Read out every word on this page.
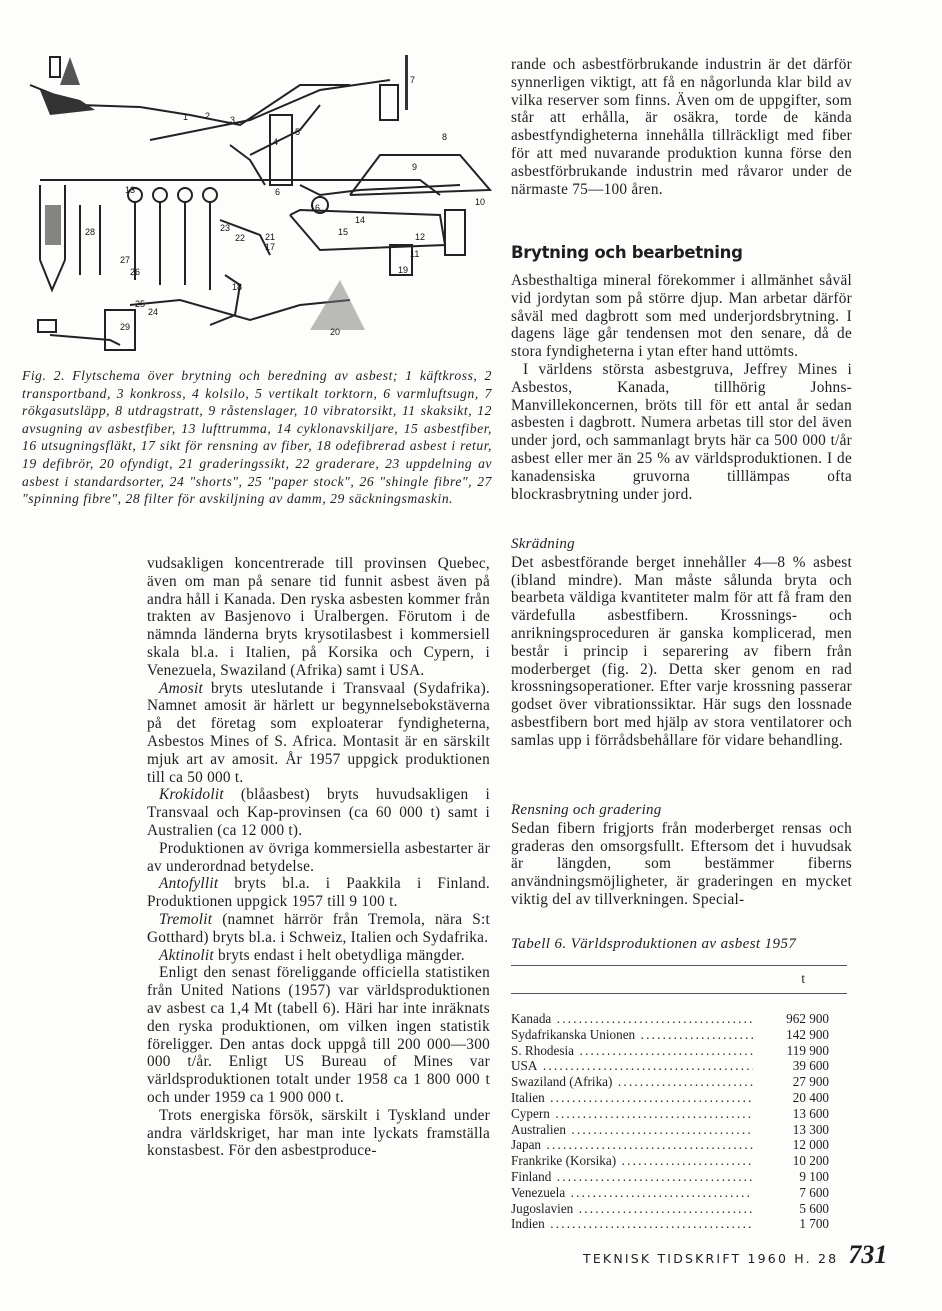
1 2 3
4
5
6
7
8
9
10
11
12
13
14
15
16
17
18
19
20
21
22
23
24
25
26
27
28
29
Fig. 2. Flytschema över brytning och beredning av asbest; 1 käftkross, 2 transportband, 3 konkross, 4 kolsilo, 5 vertikalt torktorn, 6 varmluftsugn, 7 rökgasutsläpp, 8 utdragstratt, 9 råstenslager, 10 vibratorsikt, 11 skaksikt, 12 avsugning av asbestfiber, 13 lufttrumma, 14 cyklonavskiljare, 15 asbestfiber, 16 utsugningsfläkt, 17 sikt för rensning av fiber, 18 odefibrerad asbest i retur, 19 defibrör, 20 ofyndigt, 21 graderingssikt, 22 graderare, 23 uppdelning av asbest i standardsorter, 24 "shorts", 25 "paper stock", 26 "shingle fibre", 27 "spinning fibre", 28 filter för avskiljning av damm, 29 säckningsmaskin.

vudsakligen koncentrerade till provinsen Quebec, även om man på senare tid funnit asbest även på andra håll i Kanada. Den ryska asbesten kommer från trakten av Basjenovo i Uralbergen. Förutom i de nämnda länderna bryts krysotilasbest i kommersiell skala bl.a. i Italien, på Korsika och Cypern, i Venezuela, Swaziland (Afrika) samt i USA.

Amosit bryts uteslutande i Transvaal (Sydafrika). Namnet amosit är härlett ur begynnelsebokstäverna på det företag som exploaterar fyndigheterna, Asbestos Mines of S. Africa. Montasit är en särskilt mjuk art av amosit. År 1957 uppgick produktionen till ca 50 000 t.

Krokidolit (blåasbest) bryts huvudsakligen i Transvaal och Kap-provinsen (ca 60 000 t) samt i Australien (ca 12 000 t).

Produktionen av övriga kommersiella asbestarter är av underordnad betydelse.

Antofyllit bryts bl.a. i Paakkila i Finland. Produktionen uppgick 1957 till 9 100 t.

Tremolit (namnet härrör från Tremola, nära S:t Gotthard) bryts bl.a. i Schweiz, Italien och Sydafrika.

Aktinolit bryts endast i helt obetydliga mängder.

Enligt den senast föreliggande officiella statistiken från United Nations (1957) var världsproduktionen av asbest ca 1,4 Mt (tabell 6). Häri har inte inräknats den ryska produktionen, om vilken ingen statistik föreligger. Den antas dock uppgå till 200 000—300 000 t/år. Enligt US Bureau of Mines var världsproduktionen totalt under 1958 ca 1 800 000 t och under 1959 ca 1 900 000 t.

Trots energiska försök, särskilt i Tyskland under andra världskriget, har man inte lyckats framställa konstasbest. För den asbestproduce-

rande och asbestförbrukande industrin är det därför synnerligen viktigt, att få en någorlunda klar bild av vilka reserver som finns. Även om de uppgifter, som står att erhålla, är osäkra, torde de kända asbestfyndigheterna innehålla tillräckligt med fiber för att med nuvarande produktion kunna förse den asbestförbrukande industrin med råvaror under de närmaste 75—100 åren.

Brytning och bearbetning

Asbesthaltiga mineral förekommer i allmänhet såväl vid jordytan som på större djup. Man arbetar därför såväl med dagbrott som med underjordsbrytning. I dagens läge går tendensen mot den senare, då de stora fyndigheterna i ytan efter hand uttömts.

I världens största asbestgruva, Jeffrey Mines i Asbestos, Kanada, tillhörig Johns-Manvillekoncernen, bröts till för ett antal år sedan asbesten i dagbrott. Numera arbetas till stor del även under jord, och sammanlagt bryts här ca 500 000 t/år asbest eller mer än 25 % av världsproduktionen. I de kanadensiska gruvorna tilllämpas ofta blockrasbrytning under jord.

Skrädning

Det asbestförande berget innehåller 4—8 % asbest (ibland mindre). Man måste sålunda bryta och bearbeta väldiga kvantiteter malm för att få fram den värdefulla asbestfibern. Krossnings- och anrikningsproceduren är ganska komplicerad, men består i princip i separering av fibern från moderberget (fig. 2). Detta sker genom en rad krossningsoperationer. Efter varje krossning passerar godset över vibrationssiktar. Här sugs den lossnade asbestfibern bort med hjälp av stora ventilatorer och samlas upp i förrådsbehållare för vidare behandling.

Rensning och gradering

Sedan fibern frigjorts från moderberget rensas och graderas den omsorgsfullt. Eftersom det i huvudsak är längden, som bestämmer fiberns användningsmöjligheter, är graderingen en mycket viktig del av tillverkningen. Special-

Tabell 6. Världsproduktionen av asbest 1957
t
Kanada .....	962 900
Sydafrikanska Unionen .....	142 900
S. Rhodesia .....	119 900
USA .....	39 600
Swaziland (Afrika) .....	27 900
Italien .....	20 400
Cypern .....	13 600
Australien .....	13 300
Japan .....	12 000
Frankrike (Korsika) .....	10 200
Finland .....	9 100
Venezuela .....	7 600
Jugoslavien .....	5 600
Indien .....	1 700
TEKNISK TIDSKRIFT 1960 H. 28 731
